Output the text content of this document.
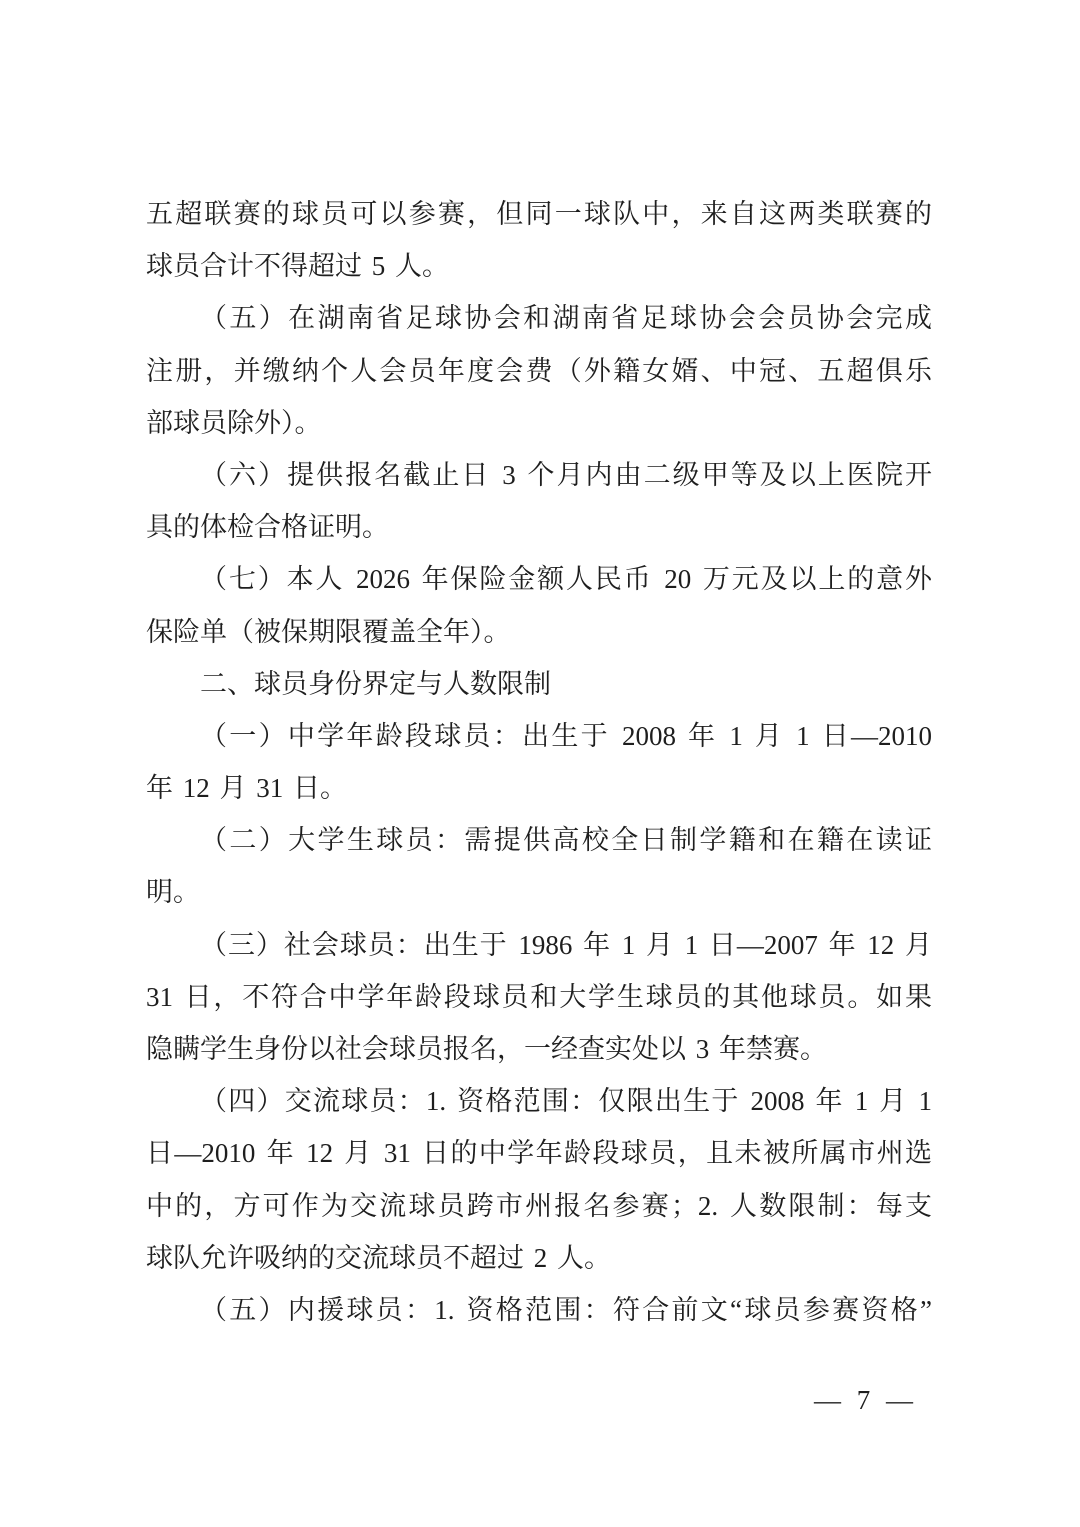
五超联赛的球员可以参赛，但同一球队中，来自这两类联赛的

球员合计不得超过 5 人。

（五）在湖南省足球协会和湖南省足球协会会员协会完成

注册，并缴纳个人会员年度会费（外籍女婿、中冠、五超俱乐

部球员除外）。

（六）提供报名截止日 3 个月内由二级甲等及以上医院开

具的体检合格证明。

（七）本人 2026 年保险金额人民币 20 万元及以上的意外

保险单（被保期限覆盖全年）。

二、球员身份界定与人数限制

（一）中学年龄段球员：出生于 2008 年 1 月 1 日—2010

年 12 月 31 日。

（二）大学生球员：需提供高校全日制学籍和在籍在读证

明。

（三）社会球员：出生于 1986 年 1 月 1 日—2007 年 12 月

31 日，不符合中学年龄段球员和大学生球员的其他球员。如果

隐瞒学生身份以社会球员报名，一经查实处以 3 年禁赛。

（四）交流球员：1. 资格范围：仅限出生于 2008 年 1 月 1

日—2010 年 12 月 31 日的中学年龄段球员，且未被所属市州选

中的，方可作为交流球员跨市州报名参赛；2. 人数限制：每支

球队允许吸纳的交流球员不超过 2 人。

（五）内援球员：1. 资格范围：符合前文“球员参赛资格”

— 7 —
